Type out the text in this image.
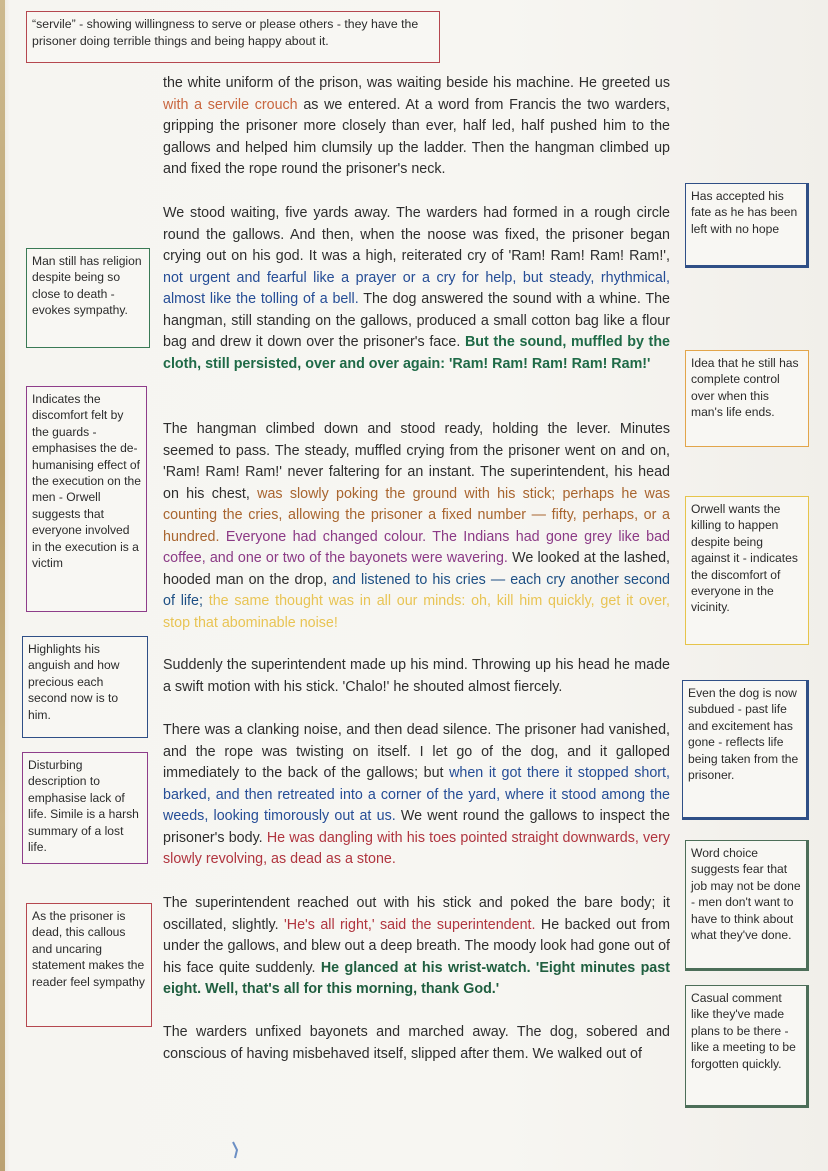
“servile” - showing willingness to serve or please others - they have the prisoner doing terrible things and being happy about it.
Has accepted his fate as he has been left with no hope
Man still has religion despite being so close to death - evokes sympathy.
Idea that he still has complete control over when this man's life ends.
Indicates the discomfort felt by the guards - emphasises the de-humanising effect of the execution on the men - Orwell suggests that everyone involved in the execution is a victim
Orwell wants the killing to happen despite being against it - indicates the discomfort of everyone in the vicinity.
Highlights his anguish and how precious each second now is to him.
Even the dog is now subdued - past life and excitement has gone - reflects life being taken from the prisoner.
Disturbing description to emphasise lack of life. Simile is a harsh summary of a lost life.	Word choice suggests fear that job may not be done - men don't want to have to think about what they've done.
As the prisoner is dead, this callous and uncaring statement makes the reader feel sympathy
Casual comment like they've made plans to be there - like a meeting to be forgotten quickly.

the white uniform of the prison, was waiting beside his machine. He greeted us with a servile crouch as we entered. At a word from Francis the two warders, gripping the prisoner more closely than ever, half led, half pushed him to the gallows and helped him clumsily up the ladder. Then the hangman climbed up and fixed the rope round the prisoner's neck.

We stood waiting, five yards away. The warders had formed in a rough circle round the gallows. And then, when the noose was fixed, the prisoner began crying out on his god. It was a high, reiterated cry of 'Ram! Ram! Ram! Ram!', not urgent and fearful like a prayer or a cry for help, but steady, rhythmical, almost like the tolling of a bell. The dog answered the sound with a whine. The hangman, still standing on the gallows, produced a small cotton bag like a flour bag and drew it down over the prisoner's face. But the sound, muffled by the cloth, still persisted, over and over again: 'Ram! Ram! Ram! Ram! Ram!'

The hangman climbed down and stood ready, holding the lever. Minutes seemed to pass. The steady, muffled crying from the prisoner went on and on, 'Ram! Ram! Ram!' never faltering for an instant. The superintendent, his head on his chest, was slowly poking the ground with his stick; perhaps he was counting the cries, allowing the prisoner a fixed number — fifty, perhaps, or a hundred. Everyone had changed colour. The Indians had gone grey like bad coffee, and one or two of the bayonets were wavering. We looked at the lashed, hooded man on the drop, and listened to his cries — each cry another second of life; the same thought was in all our minds: oh, kill him quickly, get it over, stop that abominable noise!

Suddenly the superintendent made up his mind. Throwing up his head he made a swift motion with his stick. 'Chalo!' he shouted almost fiercely.

There was a clanking noise, and then dead silence. The prisoner had vanished, and the rope was twisting on itself. I let go of the dog, and it galloped immediately to the back of the gallows; but when it got there it stopped short, barked, and then retreated into a corner of the yard, where it stood among the weeds, looking timorously out at us. We went round the gallows to inspect the prisoner's body. He was dangling with his toes pointed straight downwards, very slowly revolving, as dead as a stone.

The superintendent reached out with his stick and poked the bare body; it oscillated, slightly. 'He's all right,' said the superintendent. He backed out from under the gallows, and blew out a deep breath. The moody look had gone out of his face quite suddenly. He glanced at his wrist-watch. 'Eight minutes past eight. Well, that's all for this morning, thank God.'

The warders unfixed bayonets and marched away. The dog, sobered and conscious of having misbehaved itself, slipped after them. We walked out of
